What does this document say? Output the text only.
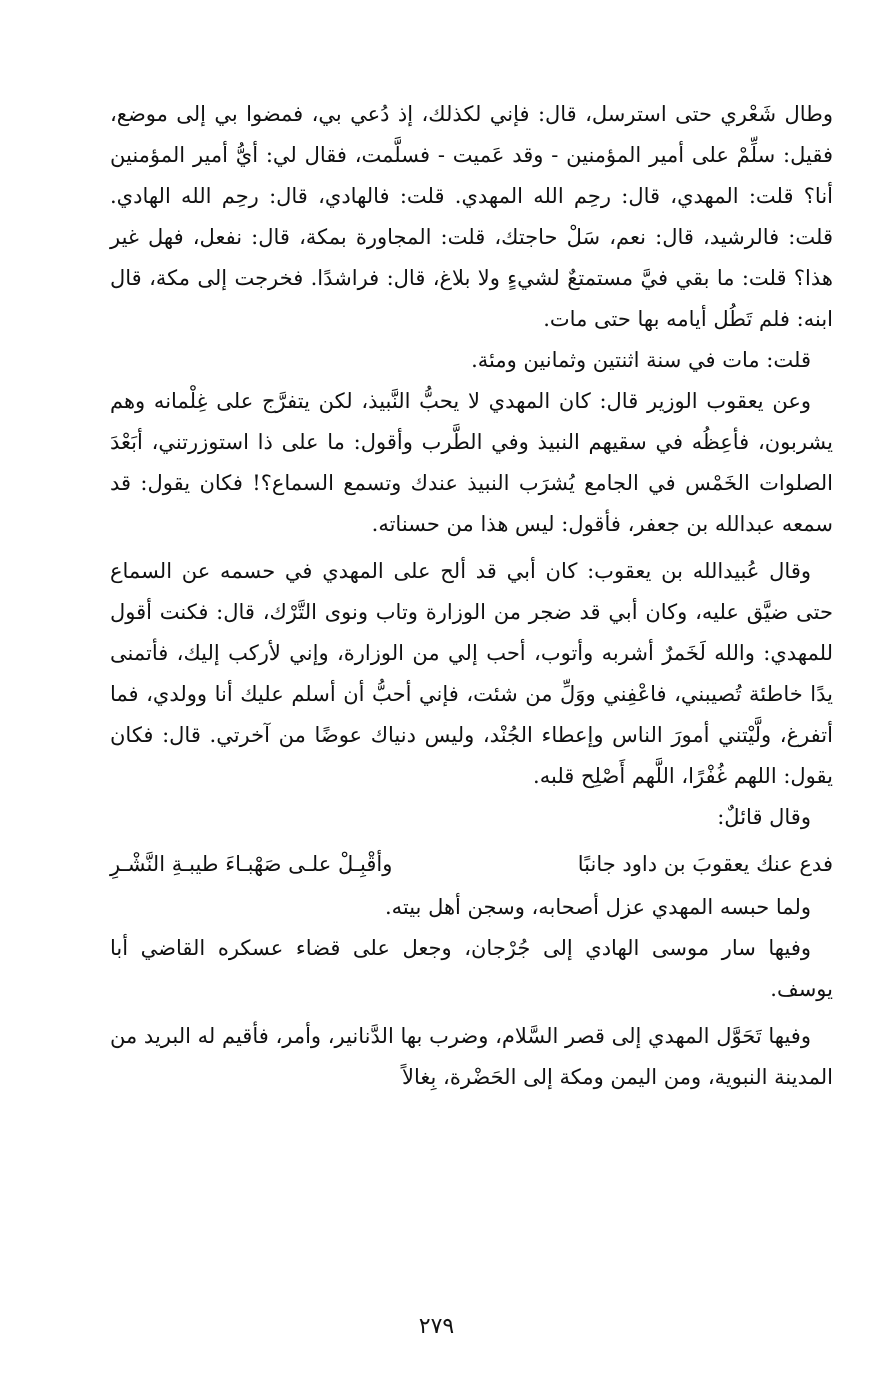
وطال شَعْري حتى استرسل، قال: فإني لكذلك، إذ دُعي بي، فمضوا بي إلى موضع، فقيل: سلِّمْ على أمير المؤمنين - وقد عَميت - فسلَّمت، فقال لي: أيُّ أمير المؤمنين أنا؟ قلت: المهدي، قال: رحِم الله المهدي. قلت: فالهادي، قال: رحِم الله الهادي. قلت: فالرشيد، قال: نعم، سَلْ حاجتك، قلت: المجاورة بمكة، قال: نفعل، فهل غير هذا؟ قلت: ما بقي فيَّ مستمتعٌ لشيءٍ ولا بلاغ، قال: فراشدًا. فخرجت إلى مكة، قال ابنه: فلم تَطُل أيامه بها حتى مات.

قلت: مات في سنة اثنتين وثمانين ومئة.

وعن يعقوب الوزير قال: كان المهدي لا يحبُّ النَّبيذ، لكن يتفرَّج على غِلْمانه وهم يشربون، فأعِظُه في سقيهم النبيذ وفي الطَّرب وأقول: ما على ذا استوزرتني، أبَعْدَ الصلوات الخَمْس في الجامع يُشرَب النبيذ عندك وتسمع السماع؟! فكان يقول: قد سمعه عبدالله بن جعفر، فأقول: ليس هذا من حسناته.

وقال عُبيدالله بن يعقوب: كان أبي قد ألح على المهدي في حسمه عن السماع حتى ضيَّق عليه، وكان أبي قد ضجر من الوزارة وتاب ونوى التَّرْك، قال: فكنت أقول للمهدي: والله لَخَمرٌ أشربه وأتوب، أحب إلي من الوزارة، وإني لأركب إليك، فأتمنى يدًا خاطئة تُصيبني، فاعْفِني ووَلِّ من شئت، فإني أحبُّ أن أسلم عليك أنا وولدي، فما أتفرغ، ولَّيْتني أمورَ الناس وإعطاء الجُنْد، وليس دنياك عوضًا من آخرتي. قال: فكان يقول: اللهم غُفْرًا، اللَّهم أَصْلِح قلبه.

وقال قائلٌ:

فدع عنك يعقوبَ بن داود جانبًا
وأقْبِـلْ علـى صَهْبـاءَ طيبـةِ النَّشْـرِ

ولما حبسه المهدي عزل أصحابه، وسجن أهل بيته.

وفيها سار موسى الهادي إلى جُرْجان، وجعل على قضاء عسكره القاضي أبا يوسف.

وفيها تَحَوَّل المهدي إلى قصر السَّلام، وضرب بها الدَّنانير، وأمر، فأقيم له البريد من المدينة النبوية، ومن اليمن ومكة إلى الحَضْرة، بِغالاً

٢٧٩
